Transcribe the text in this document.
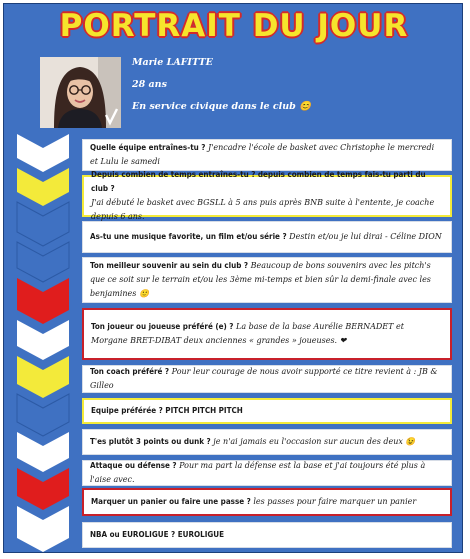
PORTRAIT DU JOUR
Marie LAFITTE
28 ans
En service civique dans le club 😊
Quelle équipe entraînes-tu ? J'encadre l'école de basket avec Christophe le mercredi et Lulu le samedi
Depuis combien de temps entraînes-tu ? depuis combien de temps fais-tu parti du club ?
J'ai débuté le basket avec BGSLL à 5 ans puis après BNB suite à l'entente, je coache depuis 6 ans.
As-tu une musique favorite, un film et/ou série ? Destin et/ou je lui dirai - Céline DION
Ton meilleur souvenir au sein du club ? Beaucoup de bons souvenirs avec les pitch's que ce soit sur le terrain et/ou les 3ème mi-temps et bien sûr la demi-finale avec les benjamines 🙂
Ton joueur ou joueuse préféré (e) ? La base de la base Aurélie BERNADET et Morgane BRET-DIBAT deux anciennes « grandes » joueuses. ❤
Ton coach préféré ? Pour leur courage de nous avoir supporté ce titre revient à : JB & Gilleo
Equipe préférée ? PITCH PITCH PITCH
T'es plutôt 3 points ou dunk ? je n'ai jamais eu l'occasion sur aucun des deux 😉
Attaque ou défense ? Pour ma part la défense est la base et j'ai toujours été plus à l'aise avec.
Marquer un panier ou faire une passe ? les passes pour faire marquer un panier
NBA ou EUROLIGUE ? EUROLIGUE
